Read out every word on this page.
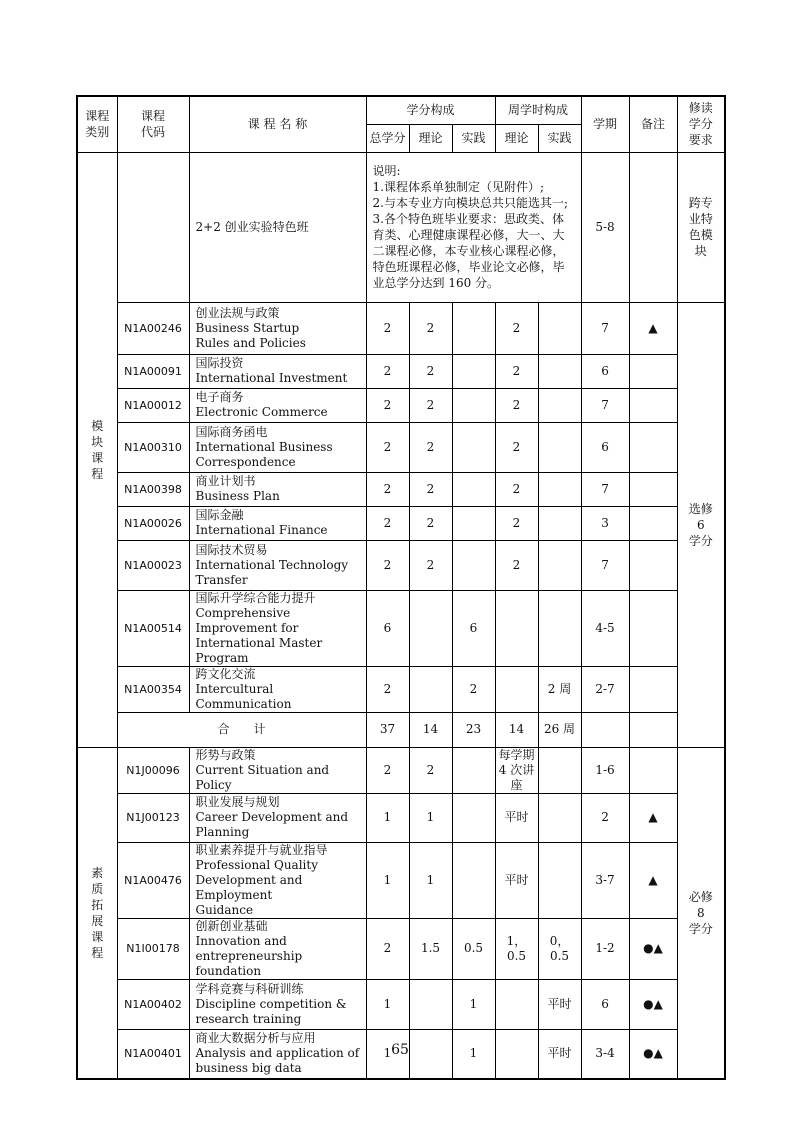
课程 类别	课程 代码	课 程 名 称	学分构成			周学时构成		学期	备注	修读 学分 要求
			总学分	理论	实践	理论	实践			
模块课程		2+2 创业实验特色班	说明:
1.课程体系单独制定（见附件）;
2.与本专业方向模块总共只能选其一;
3.各个特色班毕业要求：思政类、体育类、心理健康课程必修，大一、大二课程必修，本专业核心课程必修，特色班课程必修，毕业论文必修，毕业总学分达到 160 分。					5-8		跨专业特色模块
	N1A00246	创业法规与政策
Business Startup
Rules and Policies	2	2		2		7	▲	选修
6
学分
	N1A00091	国际投资
International Investment	2	2		2		6		
	N1A00012	电子商务
Electronic Commerce	2	2		2		7		
	N1A00310	国际商务函电
International Business
Correspondence	2	2		2		6		
	N1A00398	商业计划书
Business Plan	2	2		2		7		
	N1A00026	国际金融
International Finance	2	2		2		3		
	N1A00023	国际技术贸易
International Technology
Transfer	2	2		2		7		
	N1A00514	国际升学综合能力提升
Comprehensive Improvement for
International Master Program	6		6			4-5		
	N1A00354	跨文化交流
Intercultural Communication	2		2		2 周	2-7		
	合　　计		37	14	23	14	26 周			
素质拓展课程	N1J00096	形势与政策
Current Situation and Policy	2	2		每学期
4 次讲座		1-6		必修
8
学分
	N1J00123	职业发展与规划
Career Development and
Planning	1	1		平时		2	▲	
	N1A00476	职业素养提升与就业指导
Professional Quality
Development and Employment
Guidance	1	1		平时		3-7	▲	
	N1I00178	创新创业基础
Innovation and entrepreneurship
foundation	2	1.5	0.5	1，0.5	0，0.5	1-2	●▲	
	N1A00402	学科竞赛与科研训练
Discipline competition &
research training	1		1		平时	6	●▲	
	N1A00401	商业大数据分析与应用
Analysis and application of
business big data	1		1		平时	3-4	●▲	
65
